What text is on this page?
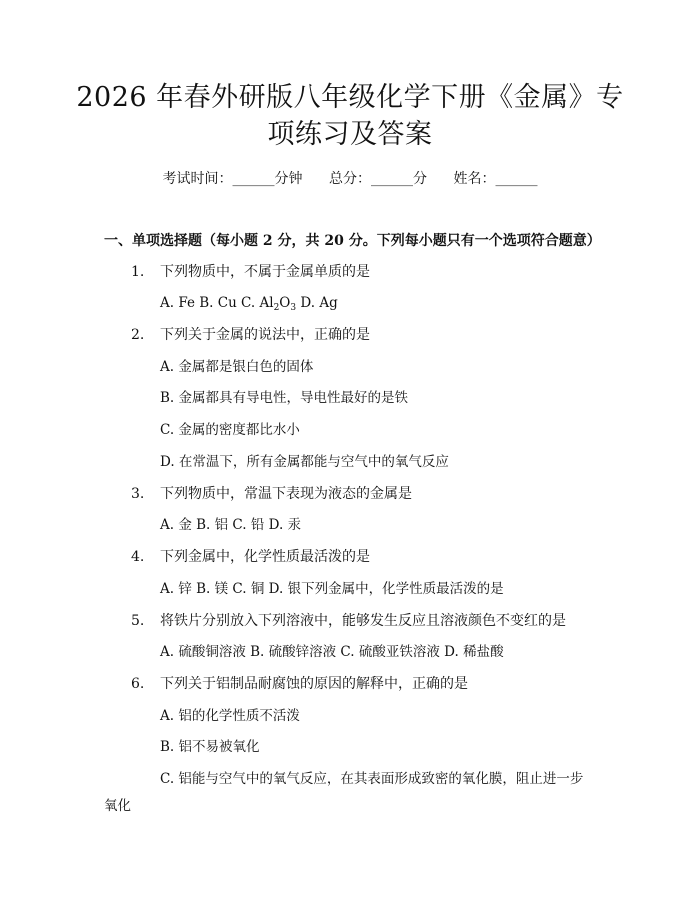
2026 年春外研版八年级化学下册《金属》专
项练习及答案
考试时间：______分钟 总分：______分 姓名：______
一、单项选择题（每小题 2 分，共 20 分。下列每小题只有一个选项符合题意）
1. 下列物质中，不属于金属单质的是
A. Fe B. Cu C. $Al_2O_3$ D. Ag
2. 下列关于金属的说法中，正确的是
A. 金属都是银白色的固体
B. 金属都具有导电性，导电性最好的是铁
C. 金属的密度都比水小
D. 在常温下，所有金属都能与空气中的氧气反应
3. 下列物质中，常温下表现为液态的金属是
A. 金 B. 铝 C. 铅 D. 汞
4. 下列金属中，化学性质最活泼的是
A. 锌 B. 镁 C. 铜 D. 银下列金属中，化学性质最活泼的是
5. 将铁片分别放入下列溶液中，能够发生反应且溶液颜色不变红的是
A. 硫酸铜溶液 B. 硫酸锌溶液 C. 硫酸亚铁溶液 D. 稀盐酸
6. 下列关于铝制品耐腐蚀的原因的解释中，正确的是
A. 铝的化学性质不活泼
B. 铝不易被氧化
C. 铝能与空气中的氧气反应，在其表面形成致密的氧化膜，阻止进一步
氧化
